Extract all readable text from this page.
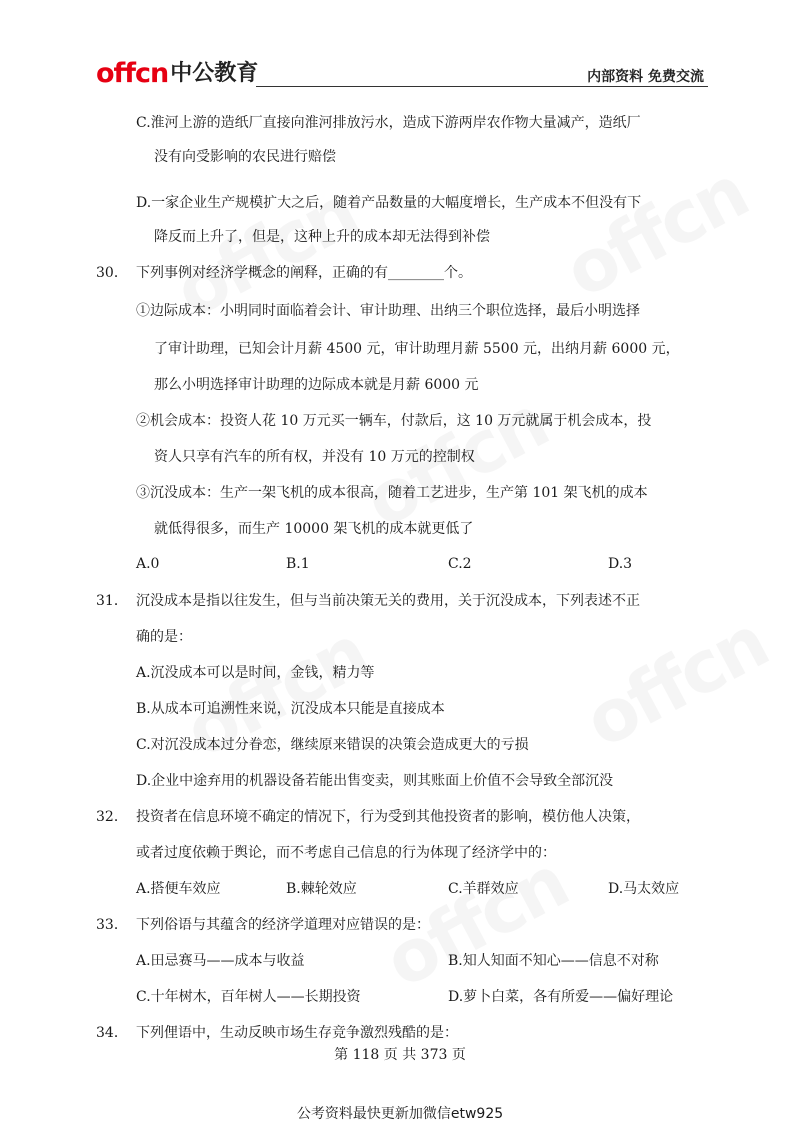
offcn 中公教育	内部资料 免费交流
C.淮河上游的造纸厂直接向淮河排放污水，造成下游两岸农作物大量减产，造纸厂
没有向受影响的农民进行赔偿
D.一家企业生产规模扩大之后，随着产品数量的大幅度增长，生产成本不但没有下
降反而上升了，但是，这种上升的成本却无法得到补偿
30． 下列事例对经济学概念的阐释，正确的有________个。
①边际成本：小明同时面临着会计、审计助理、出纳三个职位选择，最后小明选择
了审计助理，已知会计月薪 4500 元，审计助理月薪 5500 元，出纳月薪 6000 元，
那么小明选择审计助理的边际成本就是月薪 6000 元
②机会成本：投资人花 10 万元买一辆车，付款后，这 10 万元就属于机会成本，投
资人只享有汽车的所有权，并没有 10 万元的控制权
③沉没成本：生产一架飞机的成本很高，随着工艺进步，生产第 101 架飞机的成本
就低得很多，而生产 10000 架飞机的成本就更低了
A.0	B.1	C.2	D.3
31． 沉没成本是指以往发生，但与当前决策无关的费用，关于沉没成本，下列表述不正
确的是：
A.沉没成本可以是时间，金钱，精力等
B.从成本可追溯性来说，沉没成本只能是直接成本
C.对沉没成本过分眷恋，继续原来错误的决策会造成更大的亏损
D.企业中途弃用的机器设备若能出售变卖，则其账面上价值不会导致全部沉没
32． 投资者在信息环境不确定的情况下，行为受到其他投资者的影响，模仿他人决策，
或者过度依赖于舆论，而不考虑自己信息的行为体现了经济学中的：
A.搭便车效应	B.棘轮效应	C.羊群效应	D.马太效应
33． 下列俗语与其蕴含的经济学道理对应错误的是：
A.田忌赛马——成本与收益	B.知人知面不知心——信息不对称
C.十年树木，百年树人——长期投资	D.萝卜白菜，各有所爱——偏好理论
34． 下列俚语中，生动反映市场生存竞争激烈残酷的是：
第 118 页 共 373 页
公考资料最快更新加微信etw925
